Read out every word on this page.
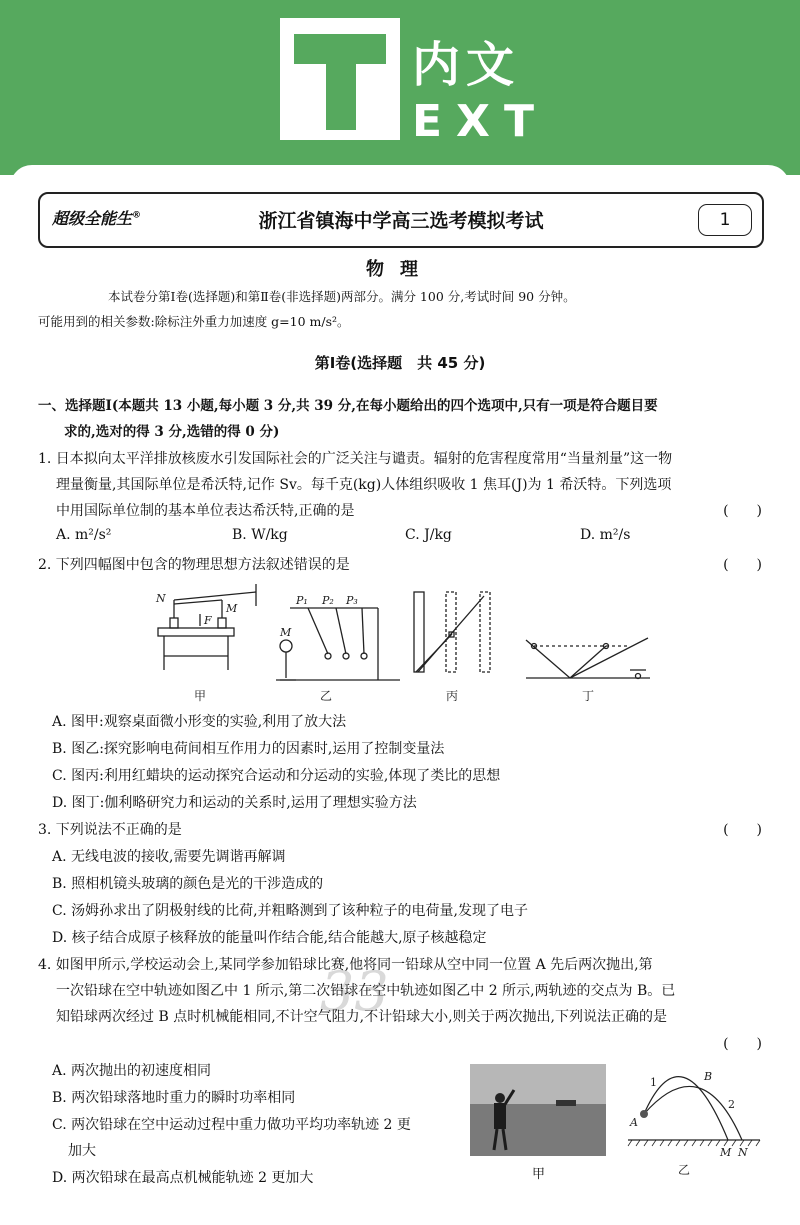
内文
EXT
超级全能生®	浙江省镇海中学高三选考模拟考试	1
物理
本试卷分第Ⅰ卷(选择题)和第Ⅱ卷(非选择题)两部分。满分 100 分,考试时间 90 分钟。
可能用到的相关参数:除标注外重力加速度 g=10 m/s²。
第Ⅰ卷(选择题　共 45 分)
一、选择题Ⅰ(本题共 13 小题,每小题 3 分,共 39 分,在每小题给出的四个选项中,只有一项是符合题目要
求的,选对的得 3 分,选错的得 0 分)
1. 日本拟向太平洋排放核废水引发国际社会的广泛关注与谴责。辐射的危害程度常用“当量剂量”这一物
理量衡量,其国际单位是希沃特,记作 Sv。每千克(kg)人体组织吸收 1 焦耳(J)为 1 希沃特。下列选项
中用国际单位制的基本单位表达希沃特,正确的是	(　　)
A. m²/s²	B. W/kg	C. J/kg	D. m²/s
2. 下列四幅图中包含的物理思想方法叙述错误的是	(　　)
N
M
F
P₁ P₂ P₃
M
甲	乙	丙	丁
A. 图甲:观察桌面微小形变的实验,利用了放大法
B. 图乙:探究影响电荷间相互作用力的因素时,运用了控制变量法
C. 图丙:利用红蜡块的运动探究合运动和分运动的实验,体现了类比的思想
D. 图丁:伽利略研究力和运动的关系时,运用了理想实验方法
3. 下列说法不正确的是	(　　)
A. 无线电波的接收,需要先调谐再解调
B. 照相机镜头玻璃的颜色是光的干涉造成的
C. 汤姆孙求出了阴极射线的比荷,并粗略测到了该种粒子的电荷量,发现了电子
D. 核子结合成原子核释放的能量叫作结合能,结合能越大,原子核越稳定
33
4. 如图甲所示,学校运动会上,某同学参加铅球比赛,他将同一铅球从空中同一位置 A 先后两次抛出,第
一次铅球在空中轨迹如图乙中 1 所示,第二次铅球在空中轨迹如图乙中 2 所示,两轨迹的交点为 B。已
知铅球两次经过 B 点时机械能相同,不计空气阻力,不计铅球大小,则关于两次抛出,下列说法正确的是
(　　)
A. 两次抛出的初速度相同
B. 两次铅球落地时重力的瞬时功率相同
C. 两次铅球在空中运动过程中重力做功平均功率轨迹 2 更
加大
D. 两次铅球在最高点机械能轨迹 2 更加大	甲
1
2
A
B
M N
乙
